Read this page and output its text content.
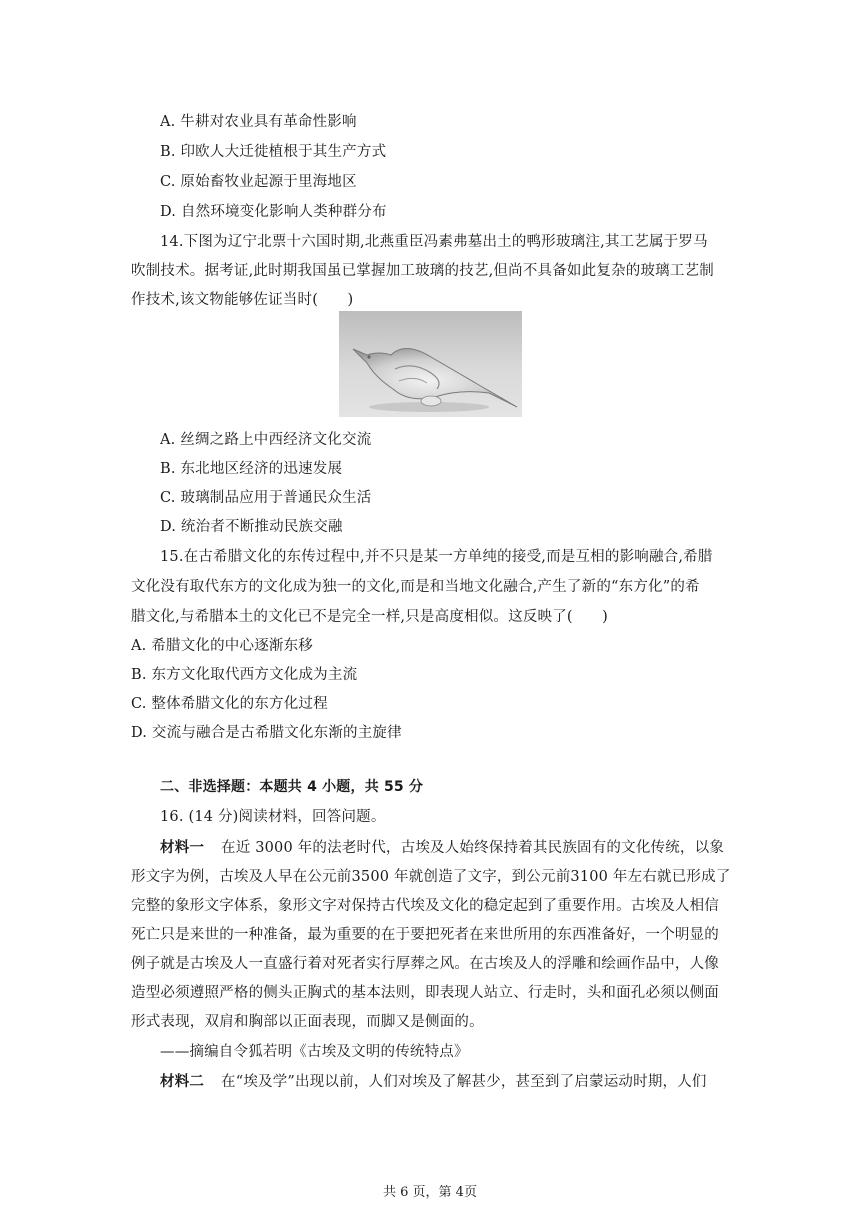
A. 牛耕对农业具有革命性影响
B. 印欧人大迁徙植根于其生产方式
C. 原始畜牧业起源于里海地区
D. 自然环境变化影响人类种群分布
14.下图为辽宁北票十六国时期,北燕重臣冯素弗墓出土的鸭形玻璃注,其工艺属于罗马
吹制技术。据考证,此时期我国虽已掌握加工玻璃的技艺,但尚不具备如此复杂的玻璃工艺制
作技术,该文物能够佐证当时(　　)
A. 丝绸之路上中西经济文化交流
B. 东北地区经济的迅速发展
C. 玻璃制品应用于普通民众生活
D. 统治者不断推动民族交融
15.在古希腊文化的东传过程中,并不只是某一方单纯的接受,而是互相的影响融合,希腊
文化没有取代东方的文化成为独一的文化,而是和当地文化融合,产生了新的“东方化”的希
腊文化,与希腊本土的文化已不是完全一样,只是高度相似。这反映了(　　)
A. 希腊文化的中心逐渐东移
B. 东方文化取代西方文化成为主流
C. 整体希腊文化的东方化过程
D. 交流与融合是古希腊文化东渐的主旋律
二、非选择题：本题共 4 小题，共 55 分
16. (14 分)阅读材料，回答问题。
材料一 在近 3000 年的法老时代，古埃及人始终保持着其民族固有的文化传统，以象
形文字为例，古埃及人早在公元前3500 年就创造了文字，到公元前3100 年左右就已形成了
完整的象形文字体系，象形文字对保持古代埃及文化的稳定起到了重要作用。古埃及人相信
死亡只是来世的一种准备，最为重要的在于要把死者在来世所用的东西准备好，一个明显的
例子就是古埃及人一直盛行着对死者实行厚葬之风。在古埃及人的浮雕和绘画作品中，人像
造型必须遵照严格的侧头正胸式的基本法则，即表现人站立、行走时，头和面孔必须以侧面
形式表现，双肩和胸部以正面表现，而脚又是侧面的。
——摘编自令狐若明《古埃及文明的传统特点》
材料二 在“埃及学”出现以前，人们对埃及了解甚少，甚至到了启蒙运动时期，人们
共 6 页，第 4页
